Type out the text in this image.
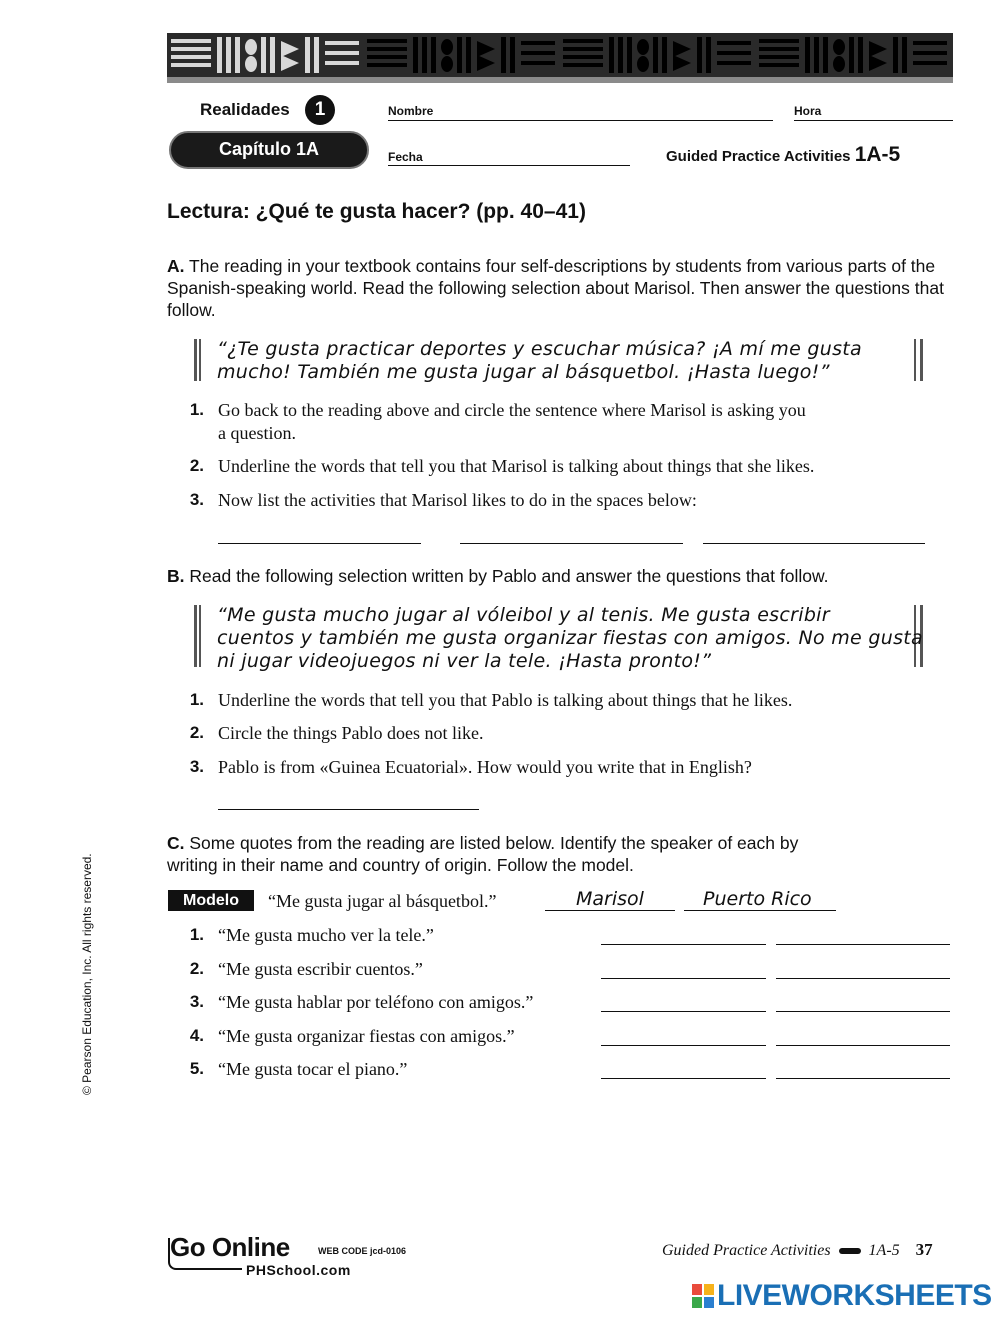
Realidades	1
Capítulo 1A
Nombre	Hora
Fecha	Guided Practice Activities 1A-5
Lectura: ¿Qué te gusta hacer? (pp. 40–41)
A. The reading in your textbook contains four self-descriptions by students from various parts of the Spanish-speaking world. Read the following selection about Marisol. Then answer the questions that follow.
“¿Te gusta practicar deportes y escuchar música? ¡A mí me gusta
mucho! También me gusta jugar al básquetbol. ¡Hasta luego!”
1. Go back to the reading above and circle the sentence where Marisol is asking you
a question.
2. Underline the words that tell you that Marisol is talking about things that she likes.
3. Now list the activities that Marisol likes to do in the spaces below:
B. Read the following selection written by Pablo and answer the questions that follow.
“Me gusta mucho jugar al vóleibol y al tenis. Me gusta escribir
cuentos y también me gusta organizar fiestas con amigos. No me gusta
ni jugar videojuegos ni ver la tele. ¡Hasta pronto!”
1. Underline the words that tell you that Pablo is talking about things that he likes.
2. Circle the things Pablo does not like.
3. Pablo is from «Guinea Ecuatorial». How would you write that in English?
C. Some quotes from the reading are listed below. Identify the speaker of each by
writing in their name and country of origin. Follow the model.
Modelo	“Me gusta jugar al básquetbol.”	Marisol	Puerto Rico
1. “Me gusta mucho ver la tele.”
2. “Me gusta escribir cuentos.”
3. “Me gusta hablar por teléfono con amigos.”
4. “Me gusta organizar fiestas con amigos.”
5. “Me gusta tocar el piano.”
© Pearson Education, Inc. All rights reserved.
Go Online	WEB CODE jcd-0106
PHSchool.com
Guided Practice Activities 1A-5 37
LIVEWORKSHEETS
